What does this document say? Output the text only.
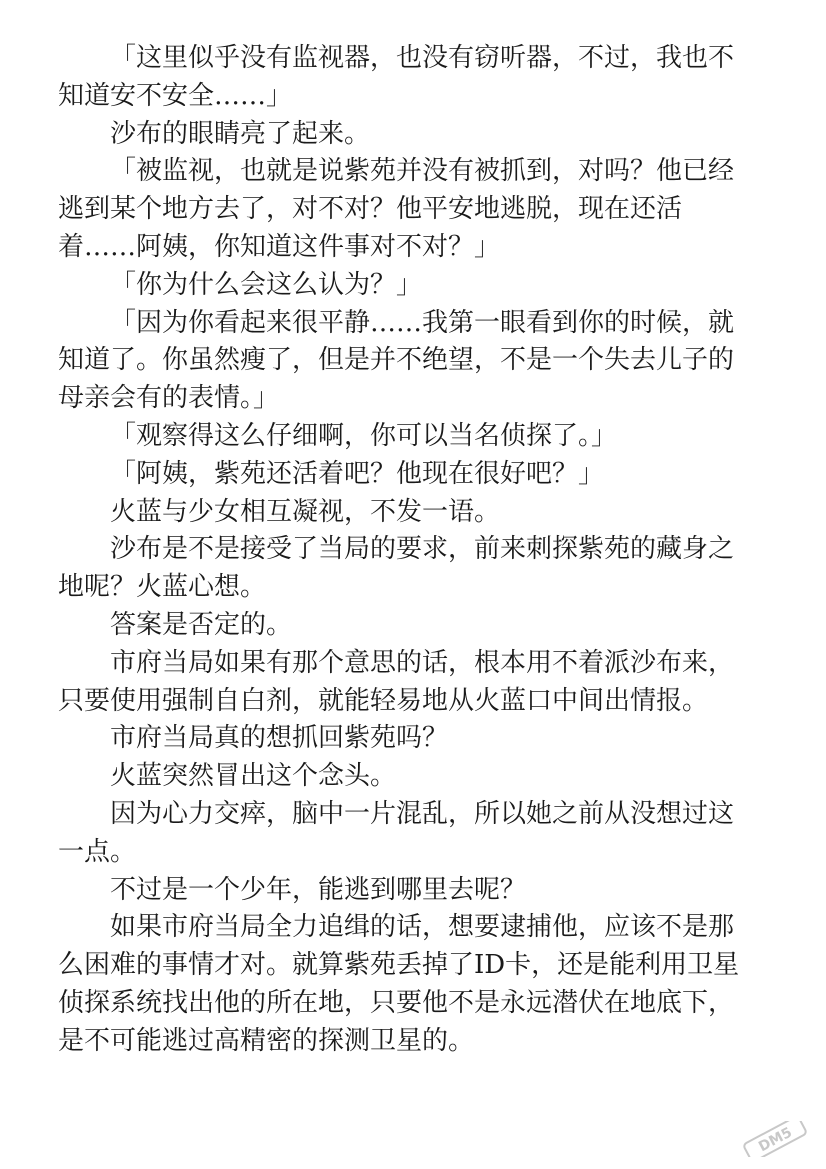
「这里似乎没有监视器，也没有窃听器，不过，我也不
知道安不安全……」

沙布的眼睛亮了起来。

「被监视，也就是说紫苑并没有被抓到，对吗？他已经
逃到某个地方去了，对不对？他平安地逃脱，现在还活
着……阿姨，你知道这件事对不对？」

「你为什么会这么认为？」

「因为你看起来很平静……我第一眼看到你的时候，就
知道了。你虽然瘦了，但是并不绝望，不是一个失去儿子的
母亲会有的表情。」

「观察得这么仔细啊，你可以当名侦探了。」

「阿姨，紫苑还活着吧？他现在很好吧？」

火蓝与少女相互凝视，不发一语。

沙布是不是接受了当局的要求，前来刺探紫苑的藏身之
地呢？火蓝心想。

答案是否定的。

市府当局如果有那个意思的话，根本用不着派沙布来，
只要使用强制自白剂，就能轻易地从火蓝口中间出情报。

市府当局真的想抓回紫苑吗？

火蓝突然冒出这个念头。

因为心力交瘁，脑中一片混乱，所以她之前从没想过这
一点。

不过是一个少年，能逃到哪里去呢？

如果市府当局全力追缉的话，想要逮捕他，应该不是那
么困难的事情才对。就算紫苑丢掉了ID卡，还是能利用卫星
侦探系统找出他的所在地，只要他不是永远潜伏在地底下，
是不可能逃过高精密的探测卫星的。

DM5
